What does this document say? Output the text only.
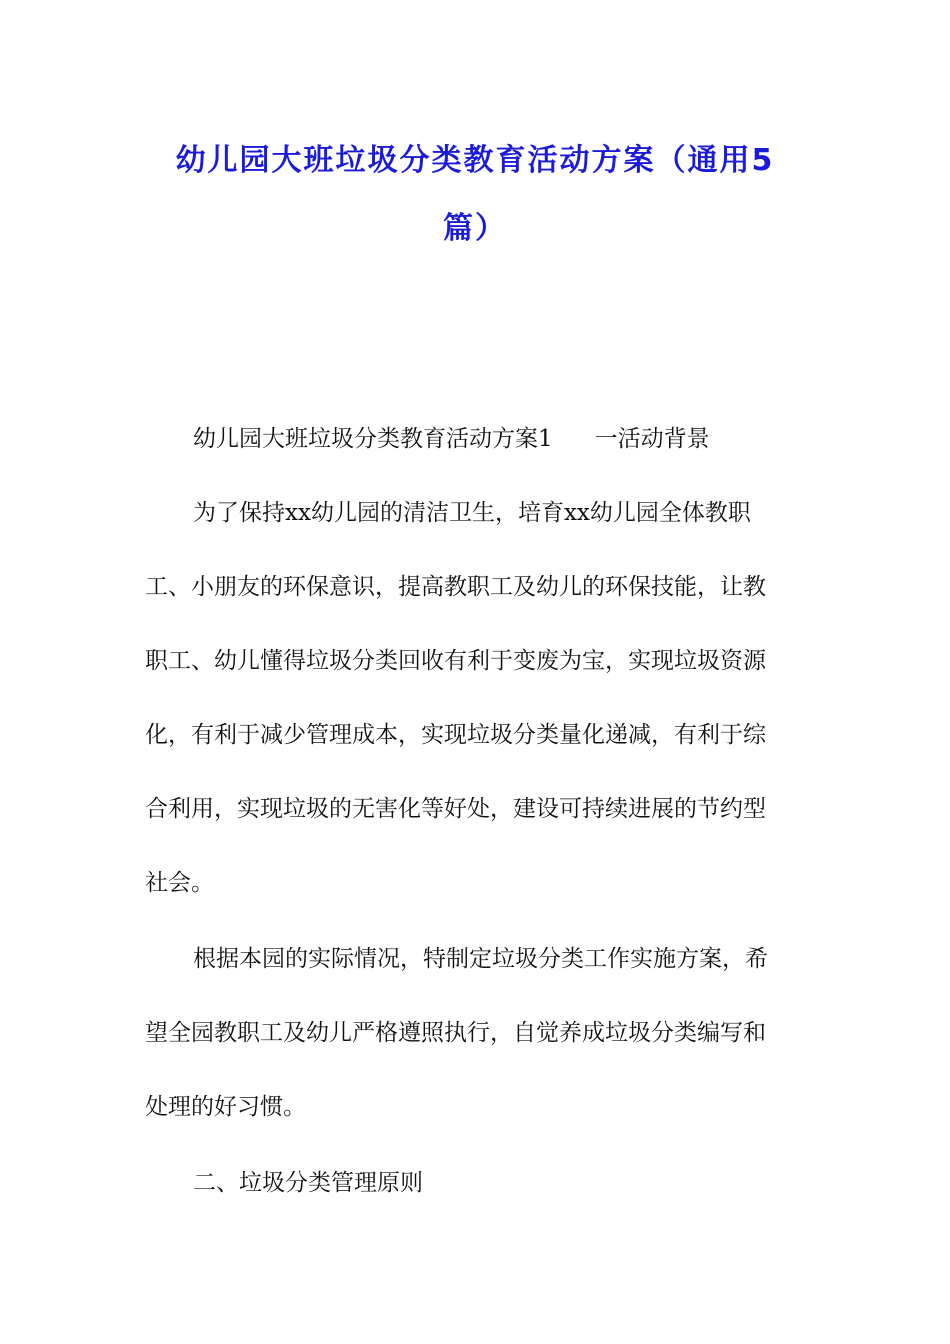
幼儿园大班垃圾分类教育活动方案（通用5
篇）

幼儿园大班垃圾分类教育活动方案1 一活动背景

为了保持xx幼儿园的清洁卫生，培育xx幼儿园全体教职

工、小朋友的环保意识，提高教职工及幼儿的环保技能，让教

职工、幼儿懂得垃圾分类回收有利于变废为宝，实现垃圾资源

化，有利于减少管理成本，实现垃圾分类量化递减，有利于综

合利用，实现垃圾的无害化等好处，建设可持续进展的节约型

社会。

根据本园的实际情况，特制定垃圾分类工作实施方案，希

望全园教职工及幼儿严格遵照执行，自觉养成垃圾分类编写和

处理的好习惯。

二、垃圾分类管理原则
